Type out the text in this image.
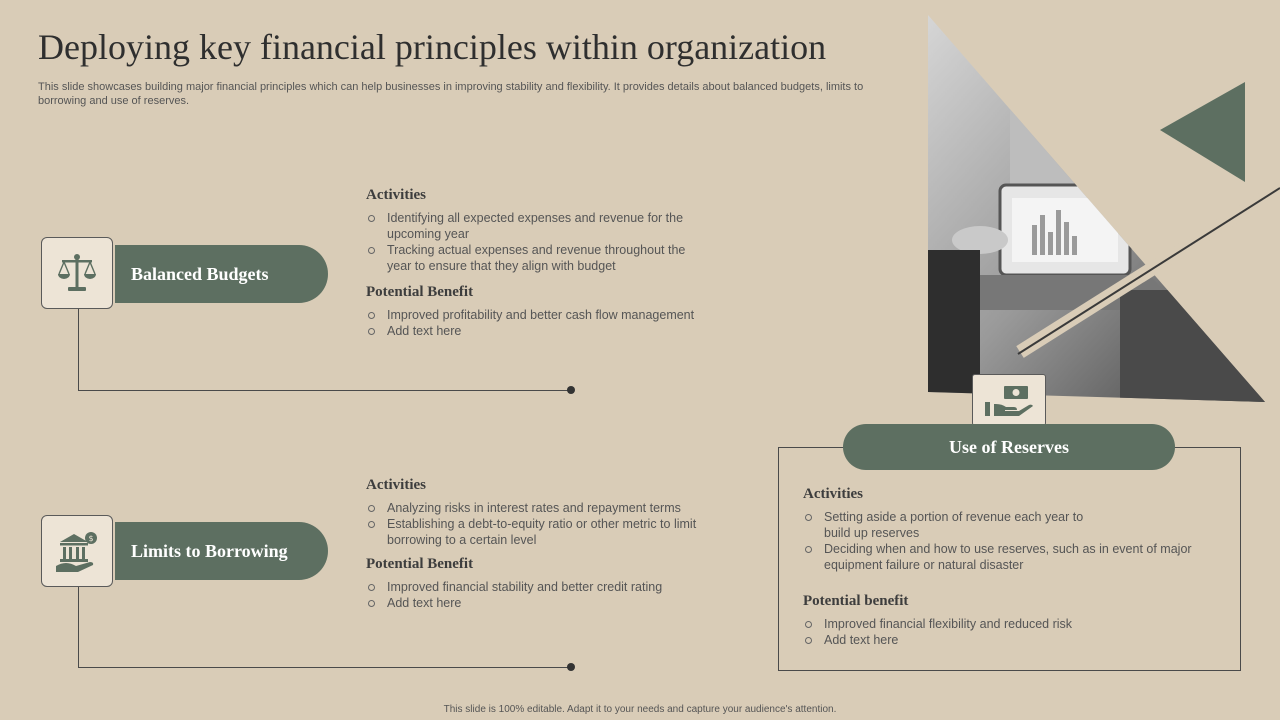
Deploying key financial principles within organization
This slide showcases building major financial principles which can help businesses in improving stability and flexibility. It provides details about balanced budgets, limits to borrowing and use of reserves.
Balanced Budgets
Activities
Identifying all expected expenses and revenue for the upcoming year
Tracking actual expenses and revenue throughout the year to ensure that they align with budget
Potential Benefit
Improved profitability and better cash flow management
Add text here
$
Limits to Borrowing
Activities
Analyzing risks in interest rates and repayment terms
Establishing a debt-to-equity ratio or other metric to limit borrowing to a certain level
Potential Benefit
Improved financial stability and better credit rating
Add text here
Use of Reserves
Activities
Setting aside a portion of revenue each year to build up reserves
Deciding when and how to use reserves, such as in event of major equipment failure or natural disaster
Potential benefit
Improved financial flexibility and reduced risk
Add text here
This slide is 100% editable. Adapt it to your needs and capture your audience's attention.
